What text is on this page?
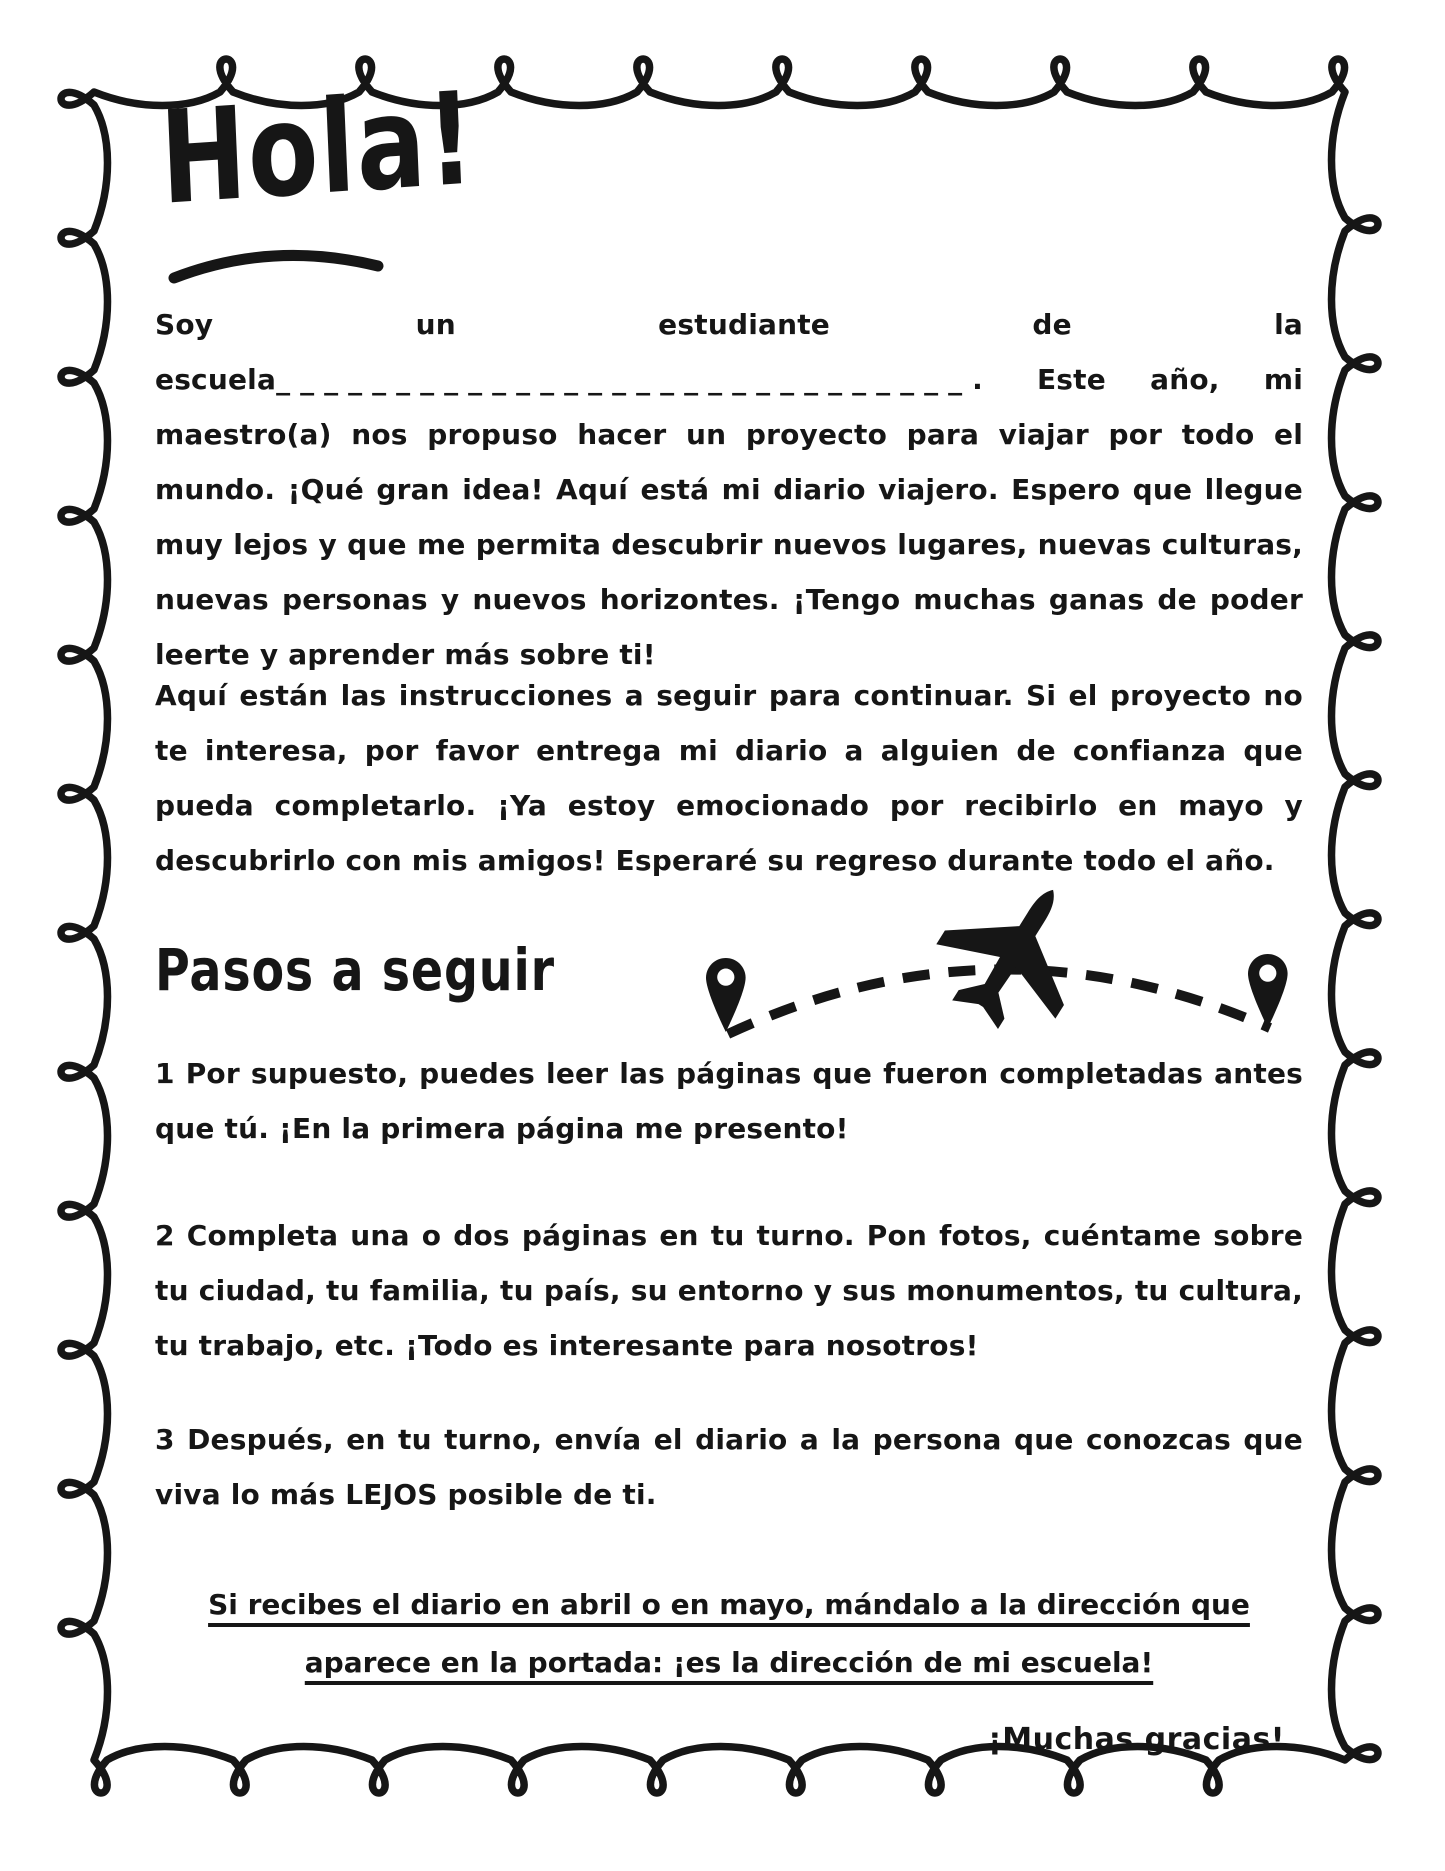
Hola!

Soy un estudiante de la escuela_____________________________. Este año, mi maestro(a) nos propuso hacer un proyecto para viajar por todo el mundo. ¡Qué gran idea! Aquí está mi diario viajero. Espero que llegue muy lejos y que me permita descubrir nuevos lugares, nuevas culturas, nuevas personas y nuevos horizontes. ¡Tengo muchas ganas de poder leerte y aprender más sobre ti!

Aquí están las instrucciones a seguir para continuar. Si el proyecto no te interesa, por favor entrega mi diario a alguien de confianza que pueda completarlo. ¡Ya estoy emocionado por recibirlo en mayo y descubrirlo con mis amigos! Esperaré su regreso durante todo el año.

Pasos a seguir

1 Por supuesto, puedes leer las páginas que fueron completadas antes que tú. ¡En la primera página me presento!

2 Completa una o dos páginas en tu turno. Pon fotos, cuéntame sobre tu ciudad, tu familia, tu país, su entorno y sus monumentos, tu cultura, tu trabajo, etc. ¡Todo es interesante para nosotros!

3 Después, en tu turno, envía el diario a la persona que conozcas que viva lo más LEJOS posible de ti.

Si recibes el diario en abril o en mayo, mándalo a la dirección que aparece en la portada: ¡es la dirección de mi escuela!

¡Muchas gracias!
